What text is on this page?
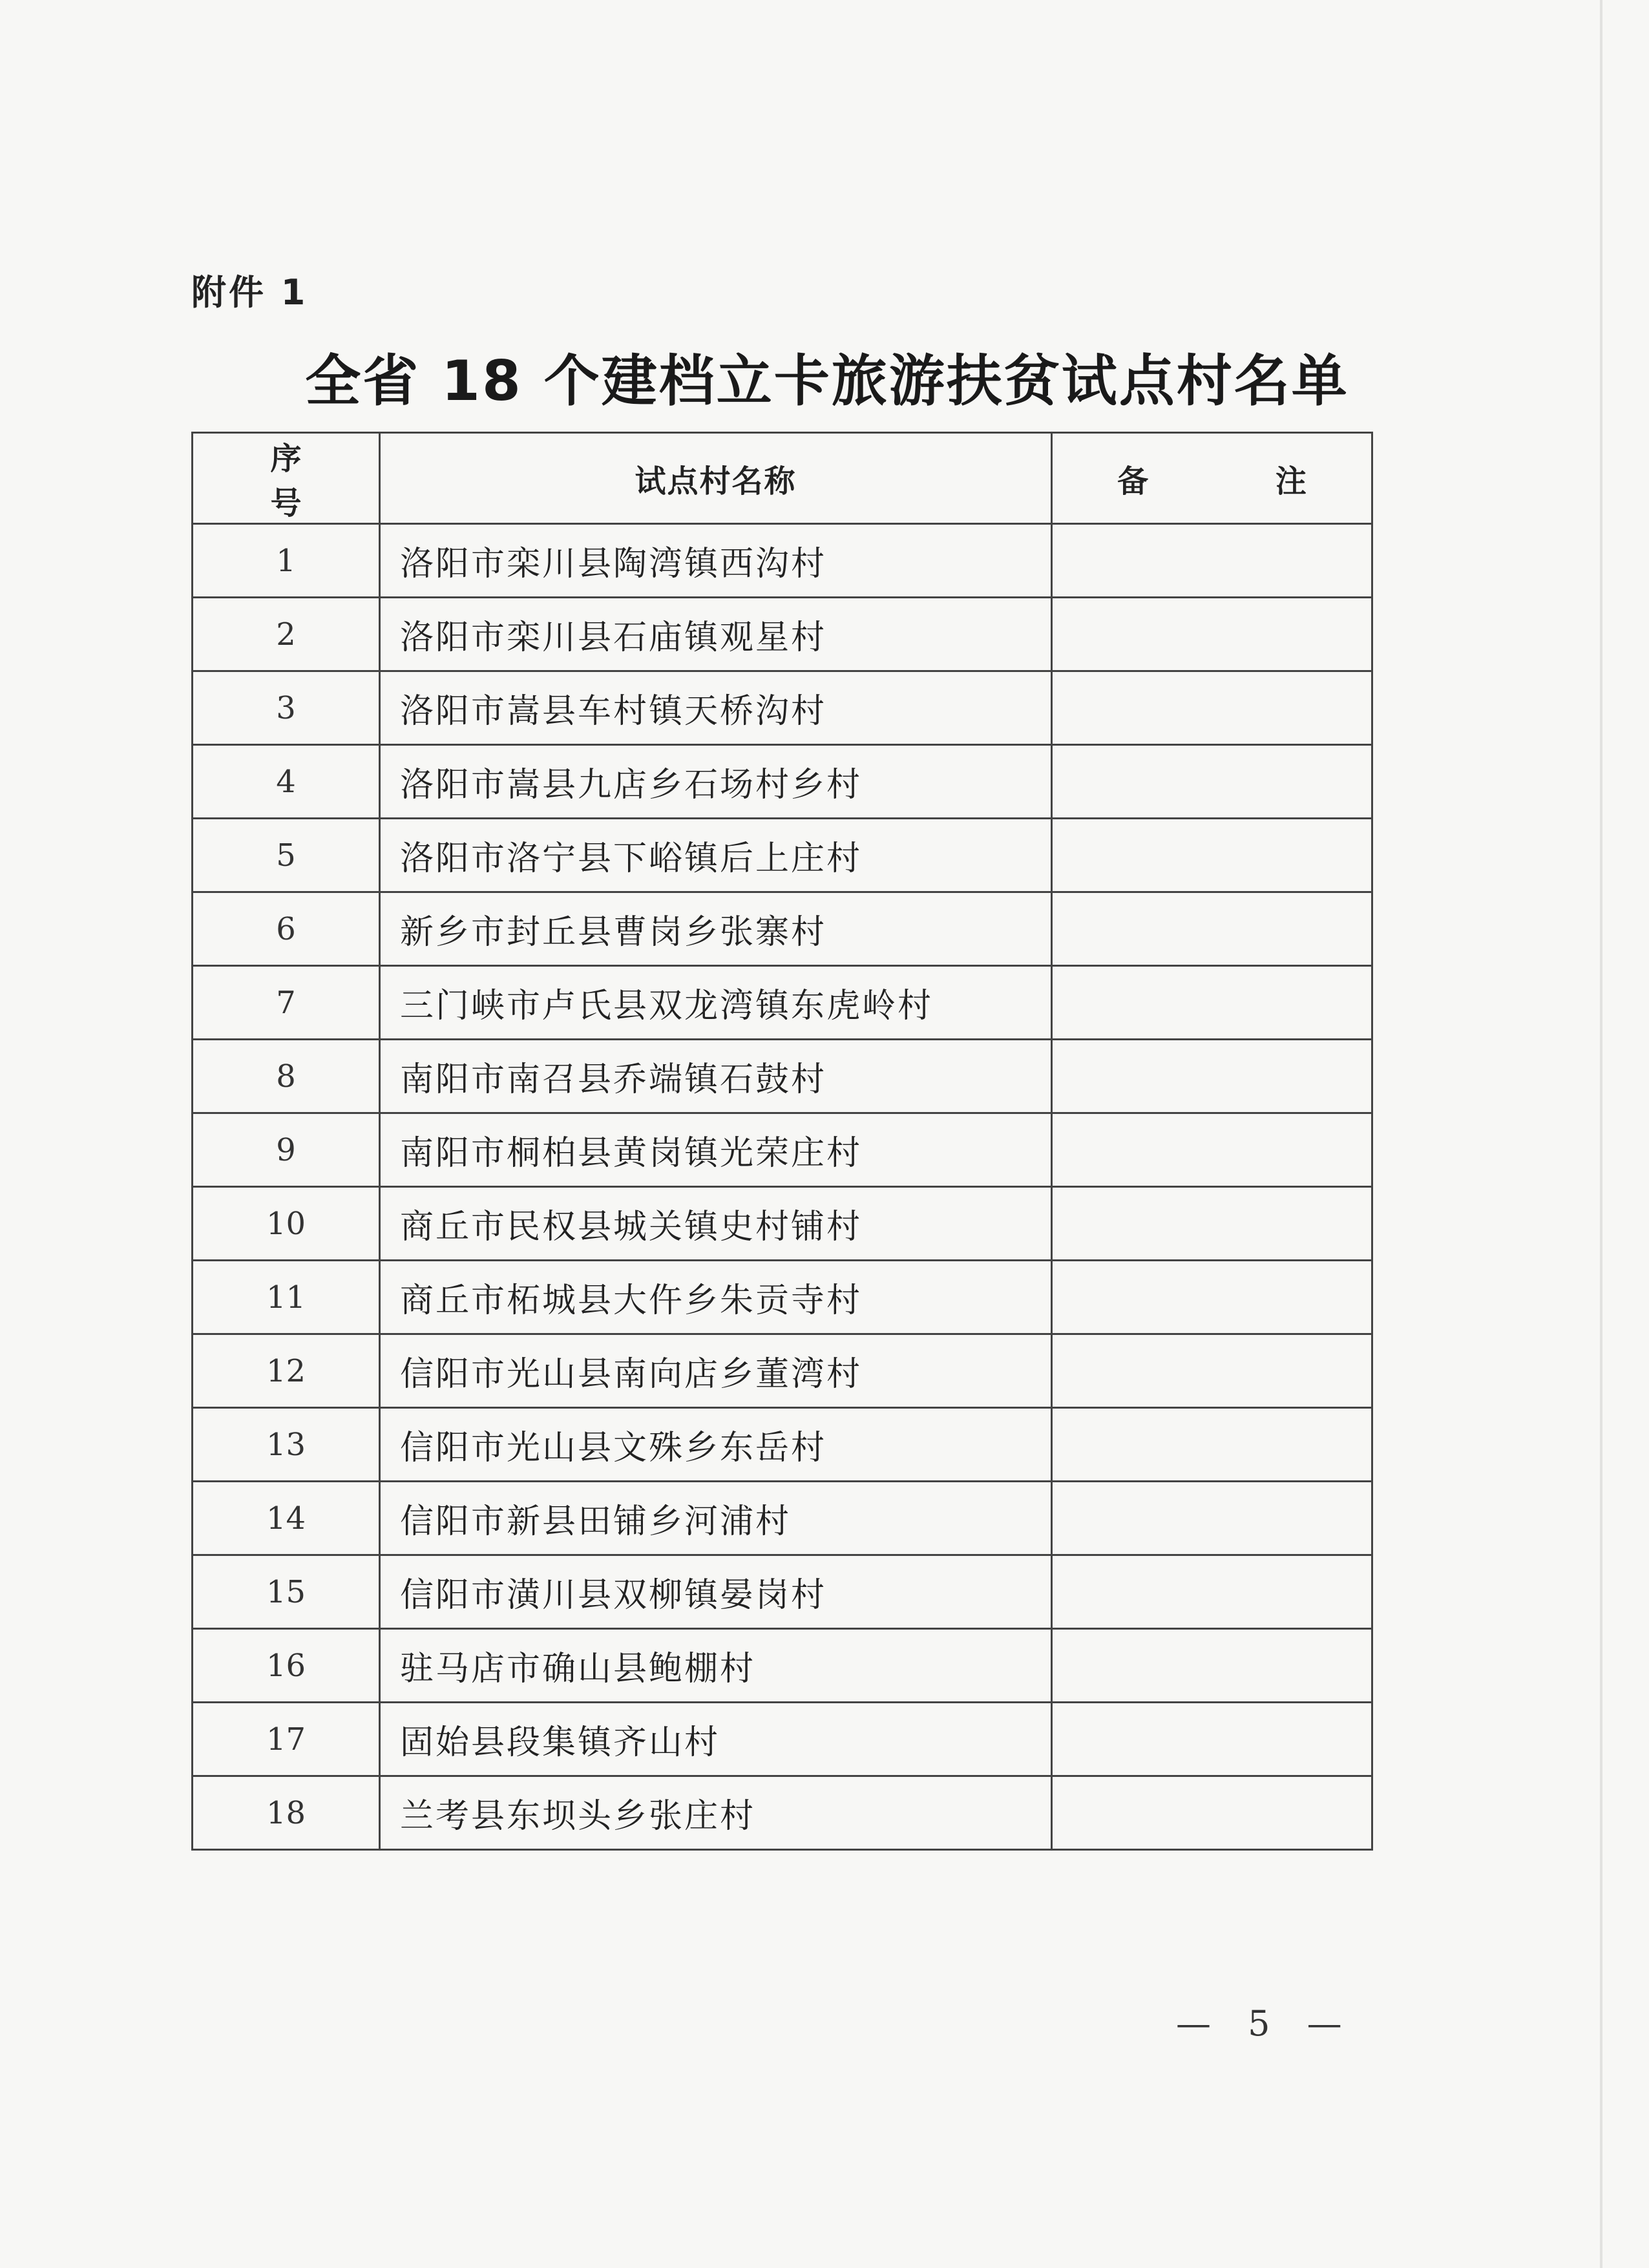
附件 1
全省 18 个建档立卡旅游扶贫试点村名单
序 号	试点村名称	备 注
1	洛阳市栾川县陶湾镇西沟村	
2	洛阳市栾川县石庙镇观星村	
3	洛阳市嵩县车村镇天桥沟村	
4	洛阳市嵩县九店乡石场村乡村	
5	洛阳市洛宁县下峪镇后上庄村	
6	新乡市封丘县曹岗乡张寨村	
7	三门峡市卢氏县双龙湾镇东虎岭村	
8	南阳市南召县乔端镇石鼓村	
9	南阳市桐柏县黄岗镇光荣庄村	
10	商丘市民权县城关镇史村铺村	
11	商丘市柘城县大仵乡朱贡寺村	
12	信阳市光山县南向店乡董湾村	
13	信阳市光山县文殊乡东岳村	
14	信阳市新县田铺乡河浦村	
15	信阳市潢川县双柳镇晏岗村	
16	驻马店市确山县鲍棚村	
17	固始县段集镇齐山村	
18	兰考县东坝头乡张庄村	
— 5 —
